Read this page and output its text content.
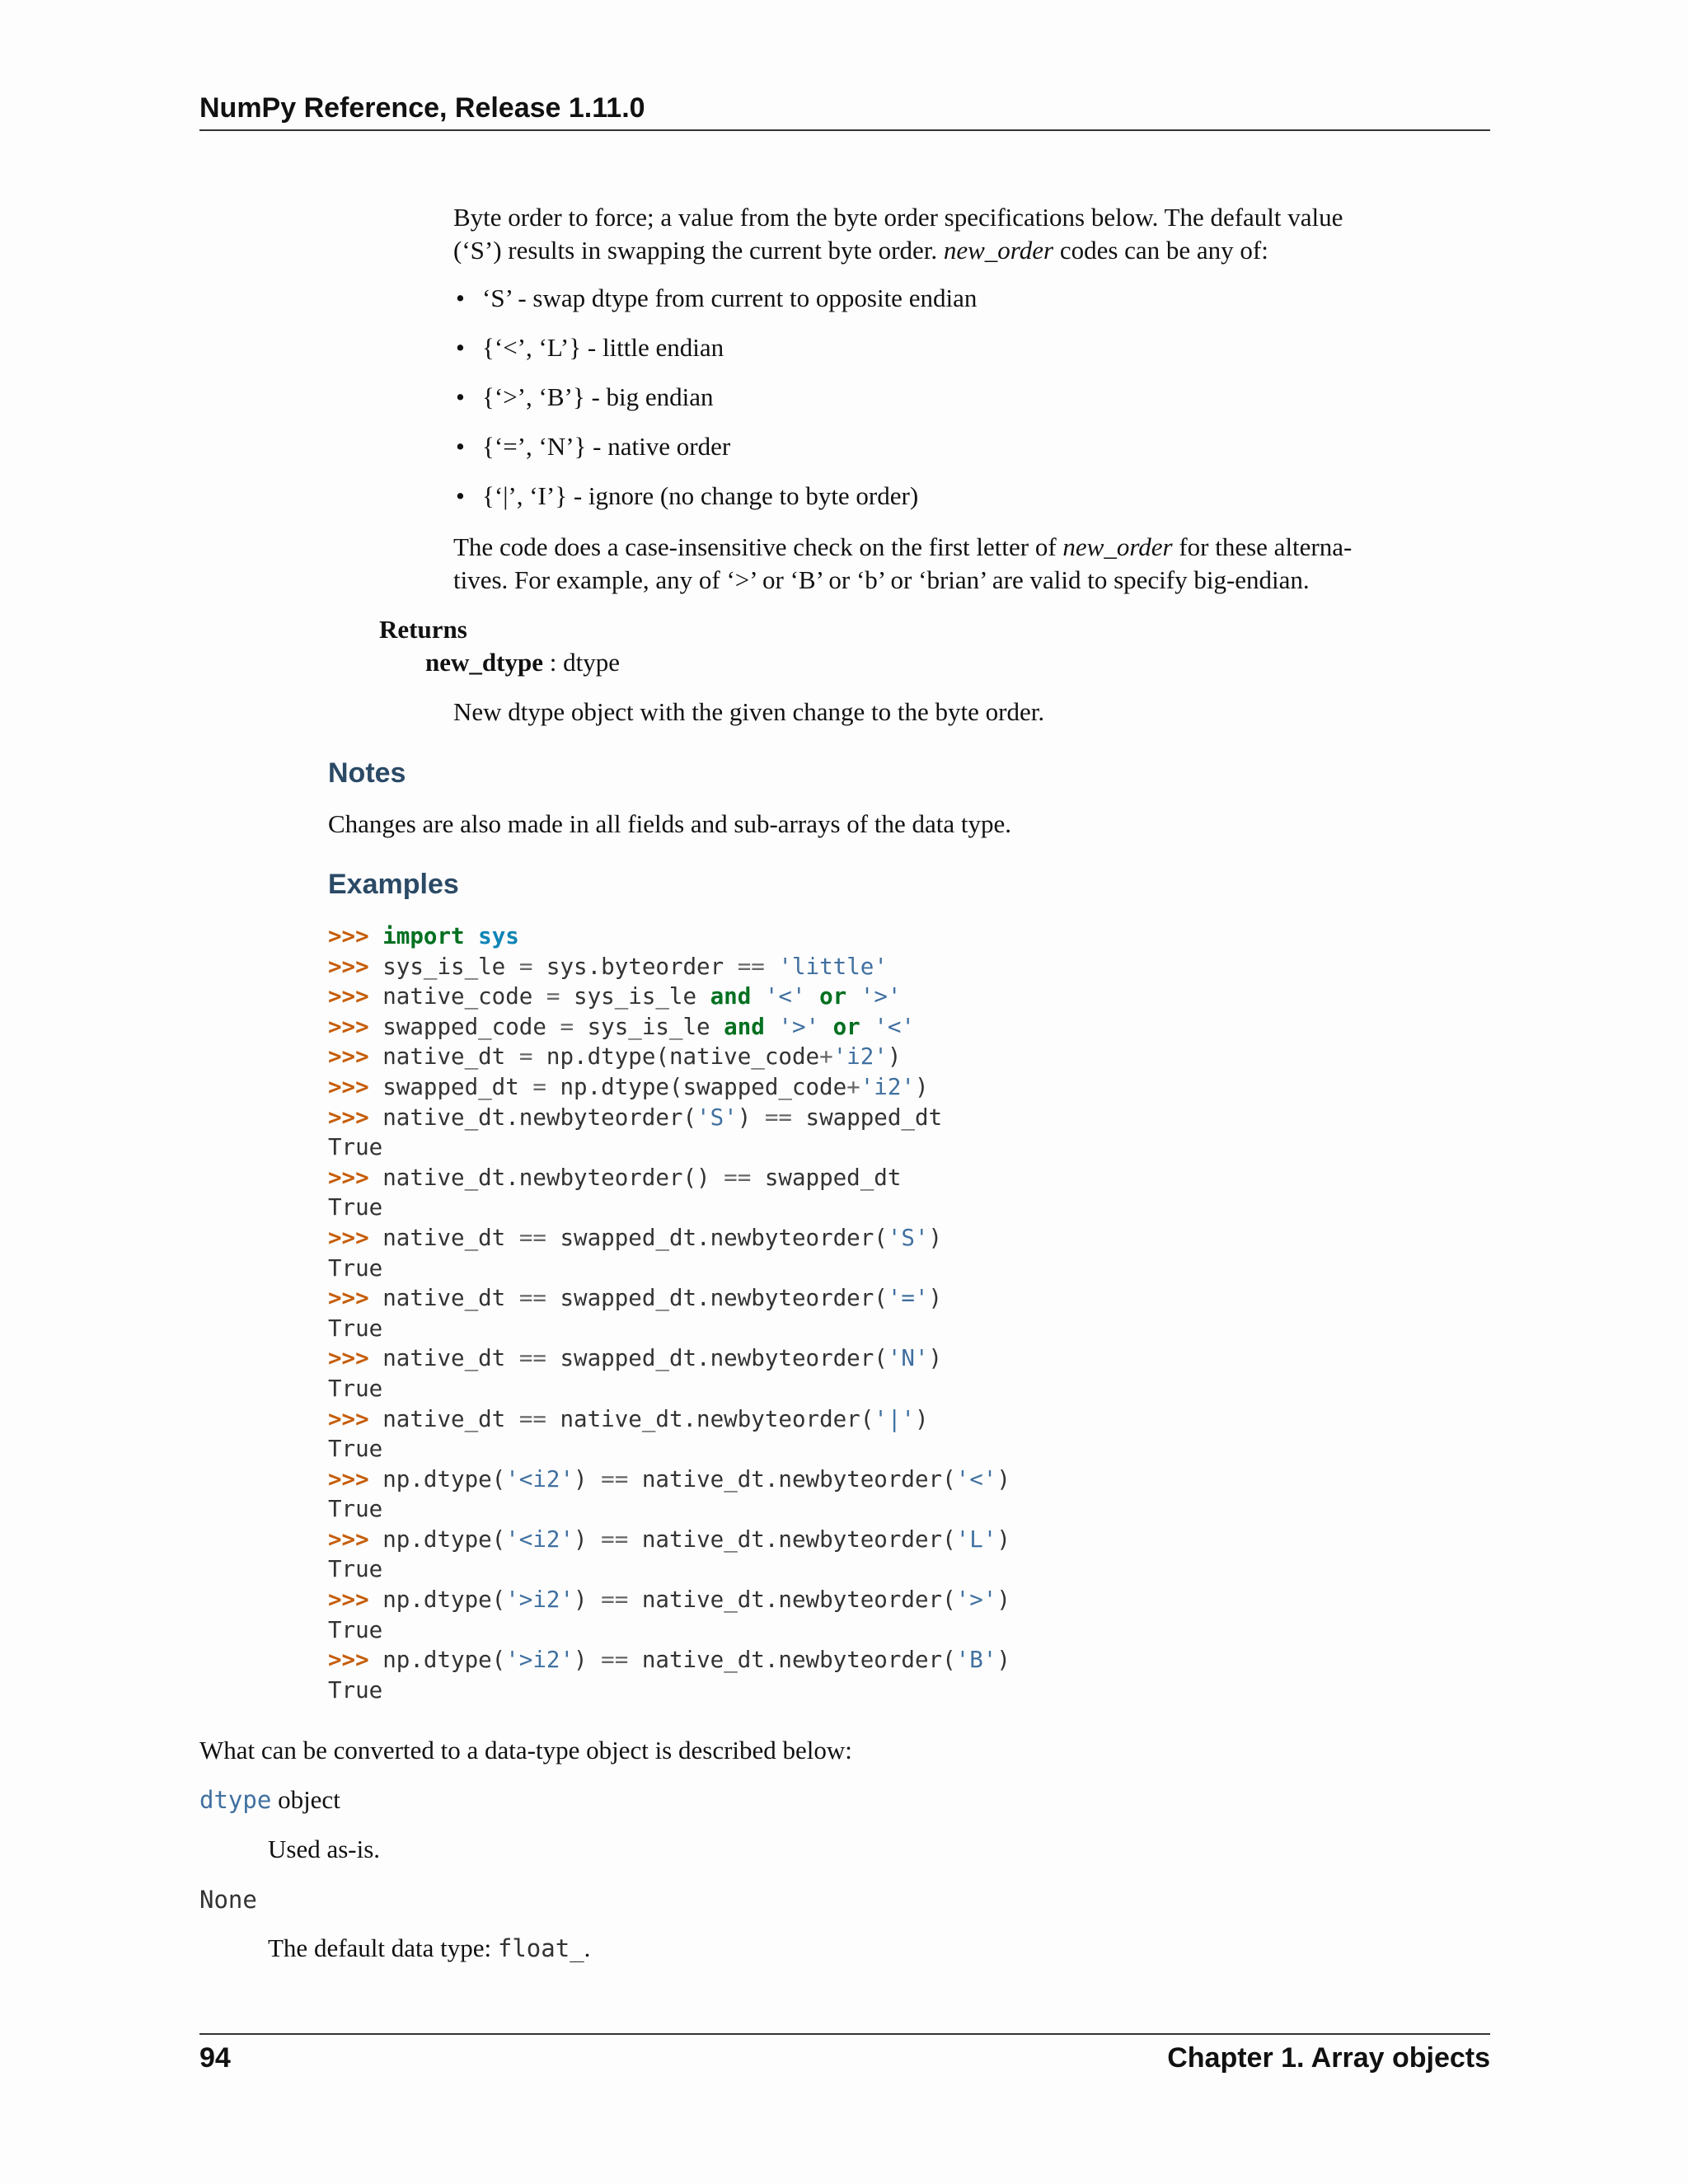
NumPy Reference, Release 1.11.0
Byte order to force; a value from the byte order specifications below. The default value
(‘S’) results in swapping the current byte order. new_order codes can be any of:
• ‘S’ - swap dtype from current to opposite endian
• {‘<’, ‘L’} - little endian
• {‘>’, ‘B’} - big endian
• {‘=’, ‘N’} - native order
• {‘|’, ‘I’} - ignore (no change to byte order)
The code does a case-insensitive check on the first letter of new_order for these alterna-
tives. For example, any of ‘>’ or ‘B’ or ‘b’ or ‘brian’ are valid to specify big-endian.
Returns
new_dtype : dtype
New dtype object with the given change to the byte order.
Notes
Changes are also made in all fields and sub-arrays of the data type.
Examples
>>> import sys
>>> sys_is_le = sys.byteorder == 'little'
>>> native_code = sys_is_le and '<' or '>'
>>> swapped_code = sys_is_le and '>' or '<'
>>> native_dt = np.dtype(native_code+'i2')
>>> swapped_dt = np.dtype(swapped_code+'i2')
>>> native_dt.newbyteorder('S') == swapped_dt
True
>>> native_dt.newbyteorder() == swapped_dt
True
>>> native_dt == swapped_dt.newbyteorder('S')
True
>>> native_dt == swapped_dt.newbyteorder('=')
True
>>> native_dt == swapped_dt.newbyteorder('N')
True
>>> native_dt == native_dt.newbyteorder('|')
True
>>> np.dtype('<i2') == native_dt.newbyteorder('<')
True
>>> np.dtype('<i2') == native_dt.newbyteorder('L')
True
>>> np.dtype('>i2') == native_dt.newbyteorder('>')
True
>>> np.dtype('>i2') == native_dt.newbyteorder('B')
True
What can be converted to a data-type object is described below:
dtype object
Used as-is.
None
The default data type: float_.
94	Chapter 1. Array objects
